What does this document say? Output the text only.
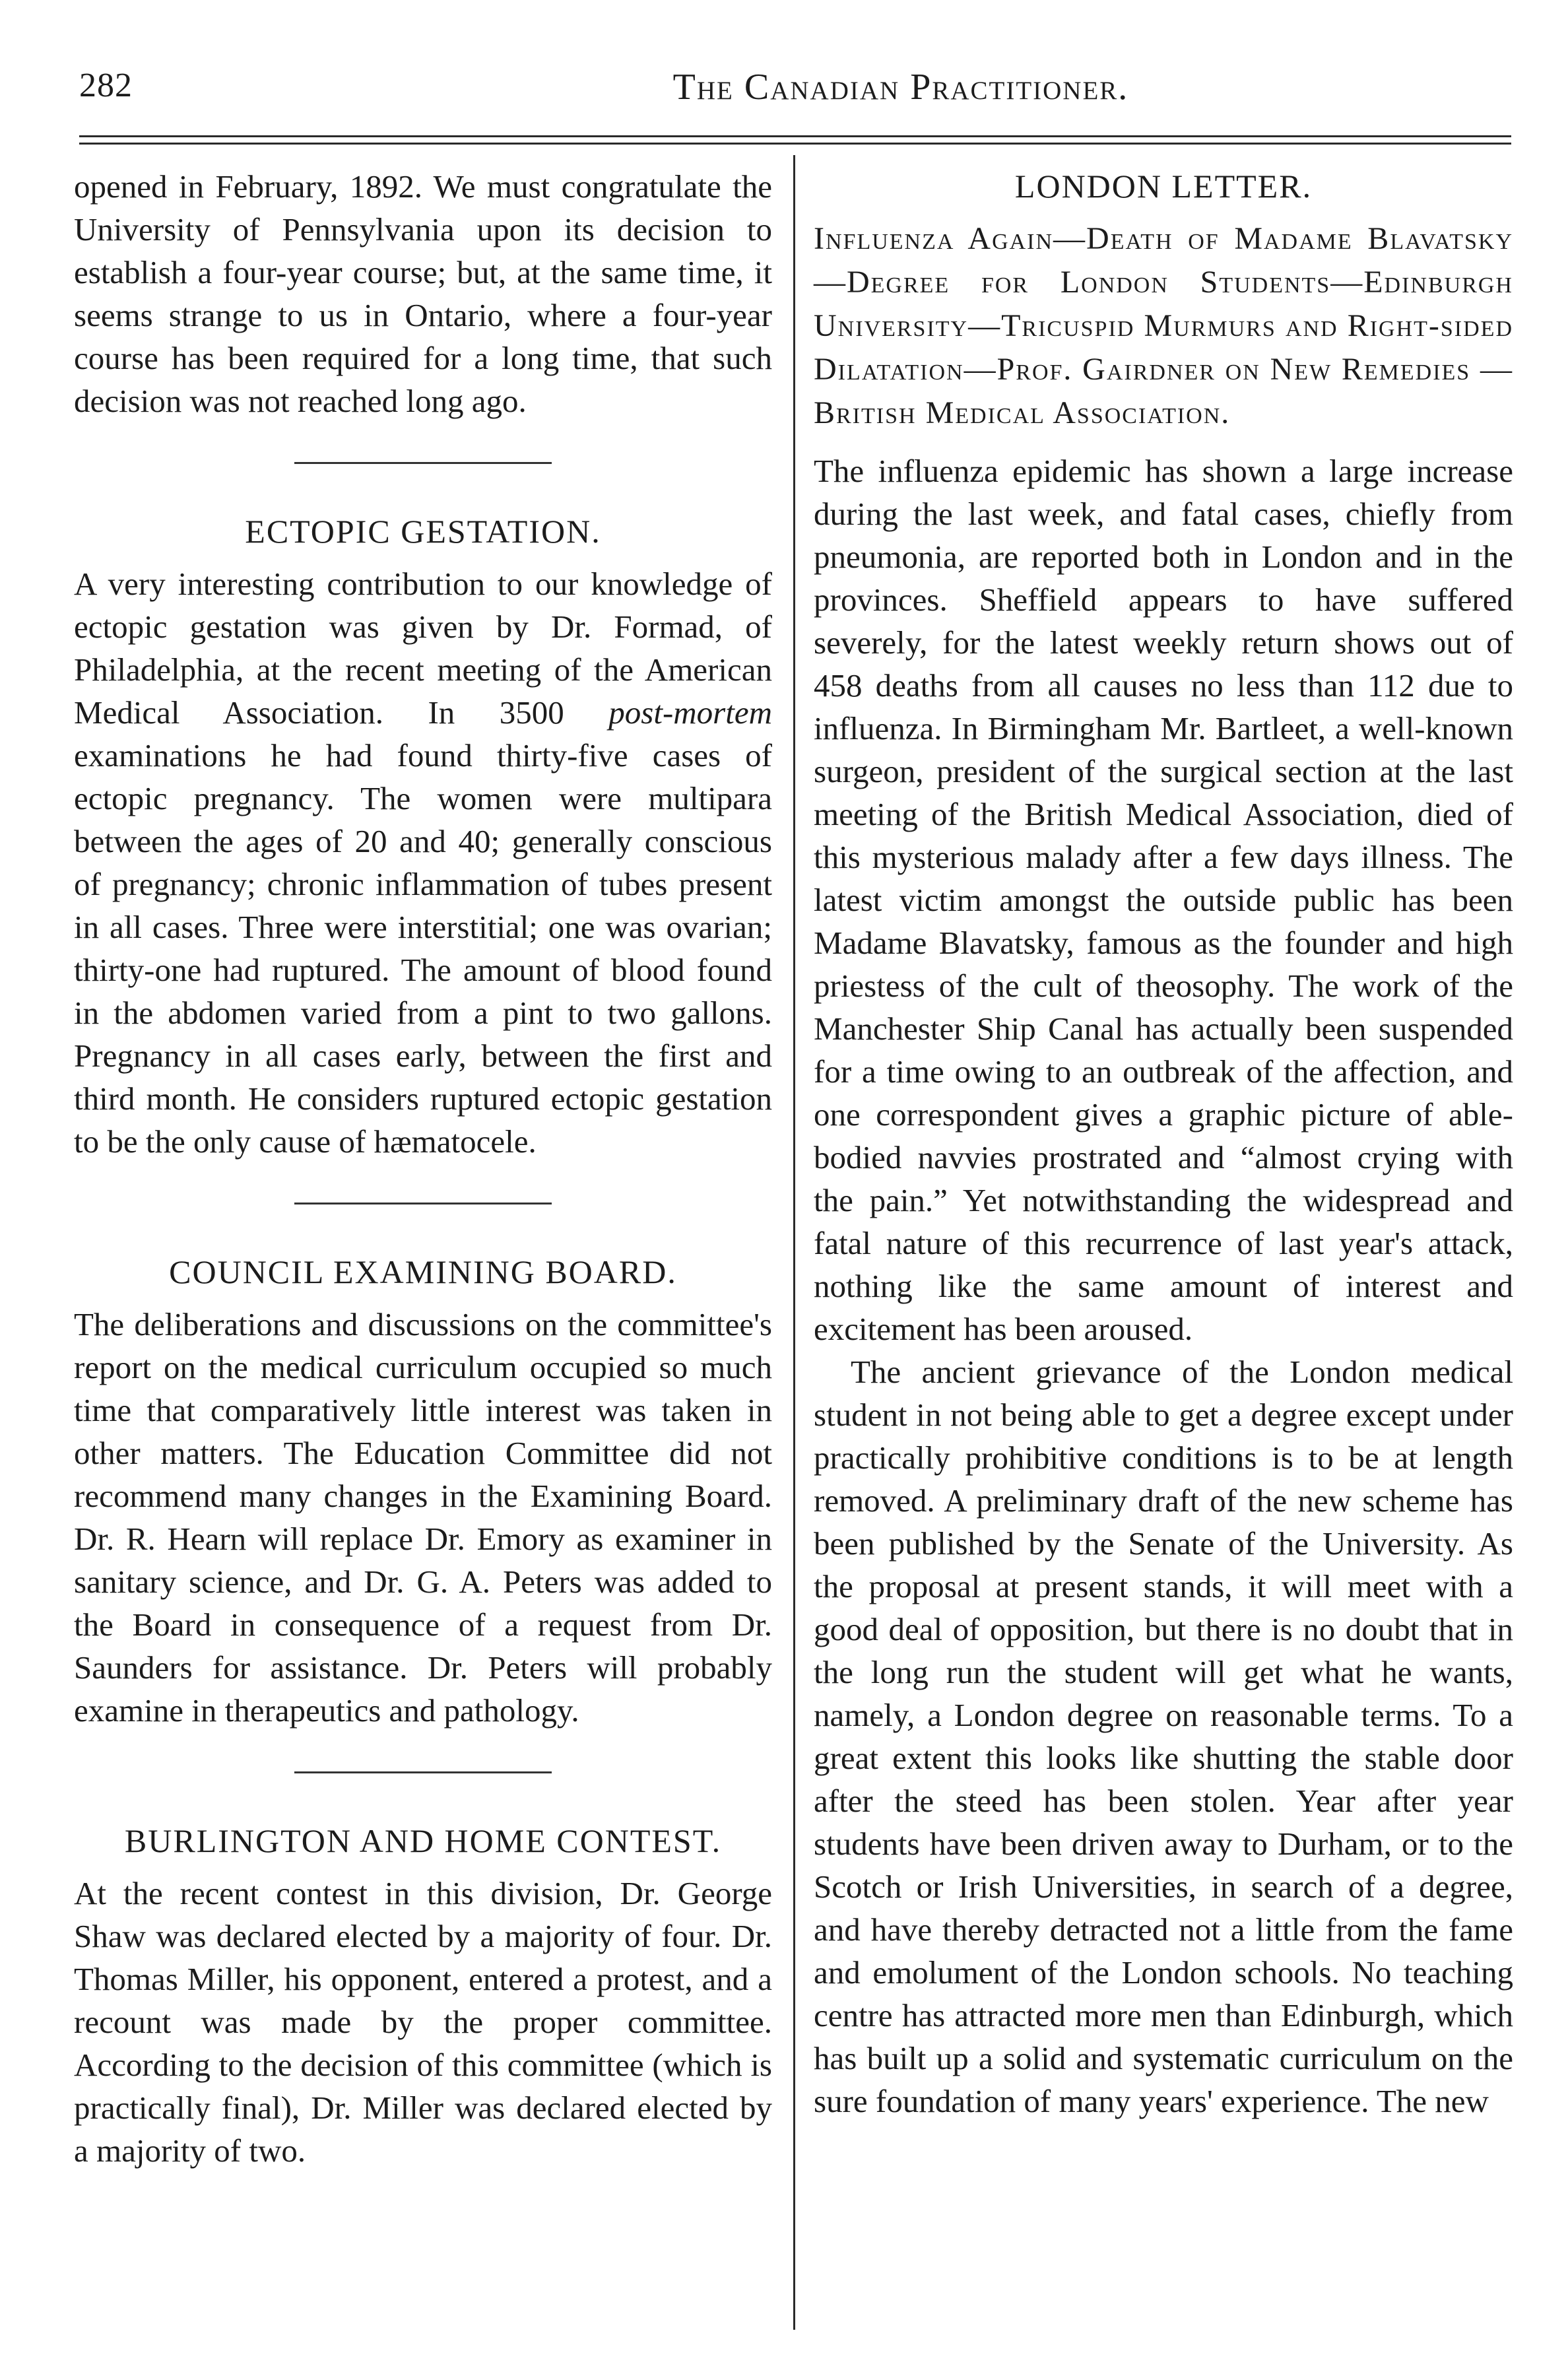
282	The Canadian Practitioner.

opened in February, 1892. We must congratulate the University of Pennsylvania upon its decision to establish a four-year course; but, at the same time, it seems strange to us in Ontario, where a four-year course has been required for a long time, that such decision was not reached long ago.

ECTOPIC GESTATION.

A very interesting contribution to our knowledge of ectopic gestation was given by Dr. Formad, of Philadelphia, at the recent meeting of the American Medical Association. In 3500 post-mortem examinations he had found thirty-five cases of ectopic pregnancy. The women were multipara between the ages of 20 and 40; generally conscious of pregnancy; chronic inflammation of tubes present in all cases. Three were interstitial; one was ovarian; thirty-one had ruptured. The amount of blood found in the abdomen varied from a pint to two gallons. Pregnancy in all cases early, between the first and third month. He considers ruptured ectopic gestation to be the only cause of hæmatocele.

COUNCIL EXAMINING BOARD.

The deliberations and discussions on the committee's report on the medical curriculum occupied so much time that comparatively little interest was taken in other matters. The Education Committee did not recommend many changes in the Examining Board. Dr. R. Hearn will replace Dr. Emory as examiner in sanitary science, and Dr. G. A. Peters was added to the Board in consequence of a request from Dr. Saunders for assistance. Dr. Peters will probably examine in therapeutics and pathology.

BURLINGTON AND HOME CONTEST.

At the recent contest in this division, Dr. George Shaw was declared elected by a majority of four. Dr. Thomas Miller, his opponent, entered a protest, and a recount was made by the proper committee. According to the decision of this committee (which is practically final), Dr. Miller was declared elected by a majority of two.

LONDON LETTER.
Influenza Again—Death of Madame Blavatsky—Degree for London Students—Edinburgh University—Tricuspid Murmurs and Right-sided Dilatation—Prof. Gairdner on New Remedies — British Medical Association.

The influenza epidemic has shown a large increase during the last week, and fatal cases, chiefly from pneumonia, are reported both in London and in the provinces. Sheffield appears to have suffered severely, for the latest weekly return shows out of 458 deaths from all causes no less than 112 due to influenza. In Birmingham Mr. Bartleet, a well-known surgeon, president of the surgical section at the last meeting of the British Medical Association, died of this mysterious malady after a few days illness. The latest victim amongst the outside public has been Madame Blavatsky, famous as the founder and high priestess of the cult of theosophy. The work of the Manchester Ship Canal has actually been suspended for a time owing to an outbreak of the affection, and one correspondent gives a graphic picture of able-bodied navvies prostrated and “almost crying with the pain.” Yet notwithstanding the widespread and fatal nature of this recurrence of last year's attack, nothing like the same amount of interest and excitement has been aroused.

The ancient grievance of the London medical student in not being able to get a degree except under practically prohibitive conditions is to be at length removed. A preliminary draft of the new scheme has been published by the Senate of the University. As the proposal at present stands, it will meet with a good deal of opposition, but there is no doubt that in the long run the student will get what he wants, namely, a London degree on reasonable terms. To a great extent this looks like shutting the stable door after the steed has been stolen. Year after year students have been driven away to Durham, or to the Scotch or Irish Universities, in search of a degree, and have thereby detracted not a little from the fame and emolument of the London schools. No teaching centre has attracted more men than Edinburgh, which has built up a solid and systematic curriculum on the sure foundation of many years' experience. The new
